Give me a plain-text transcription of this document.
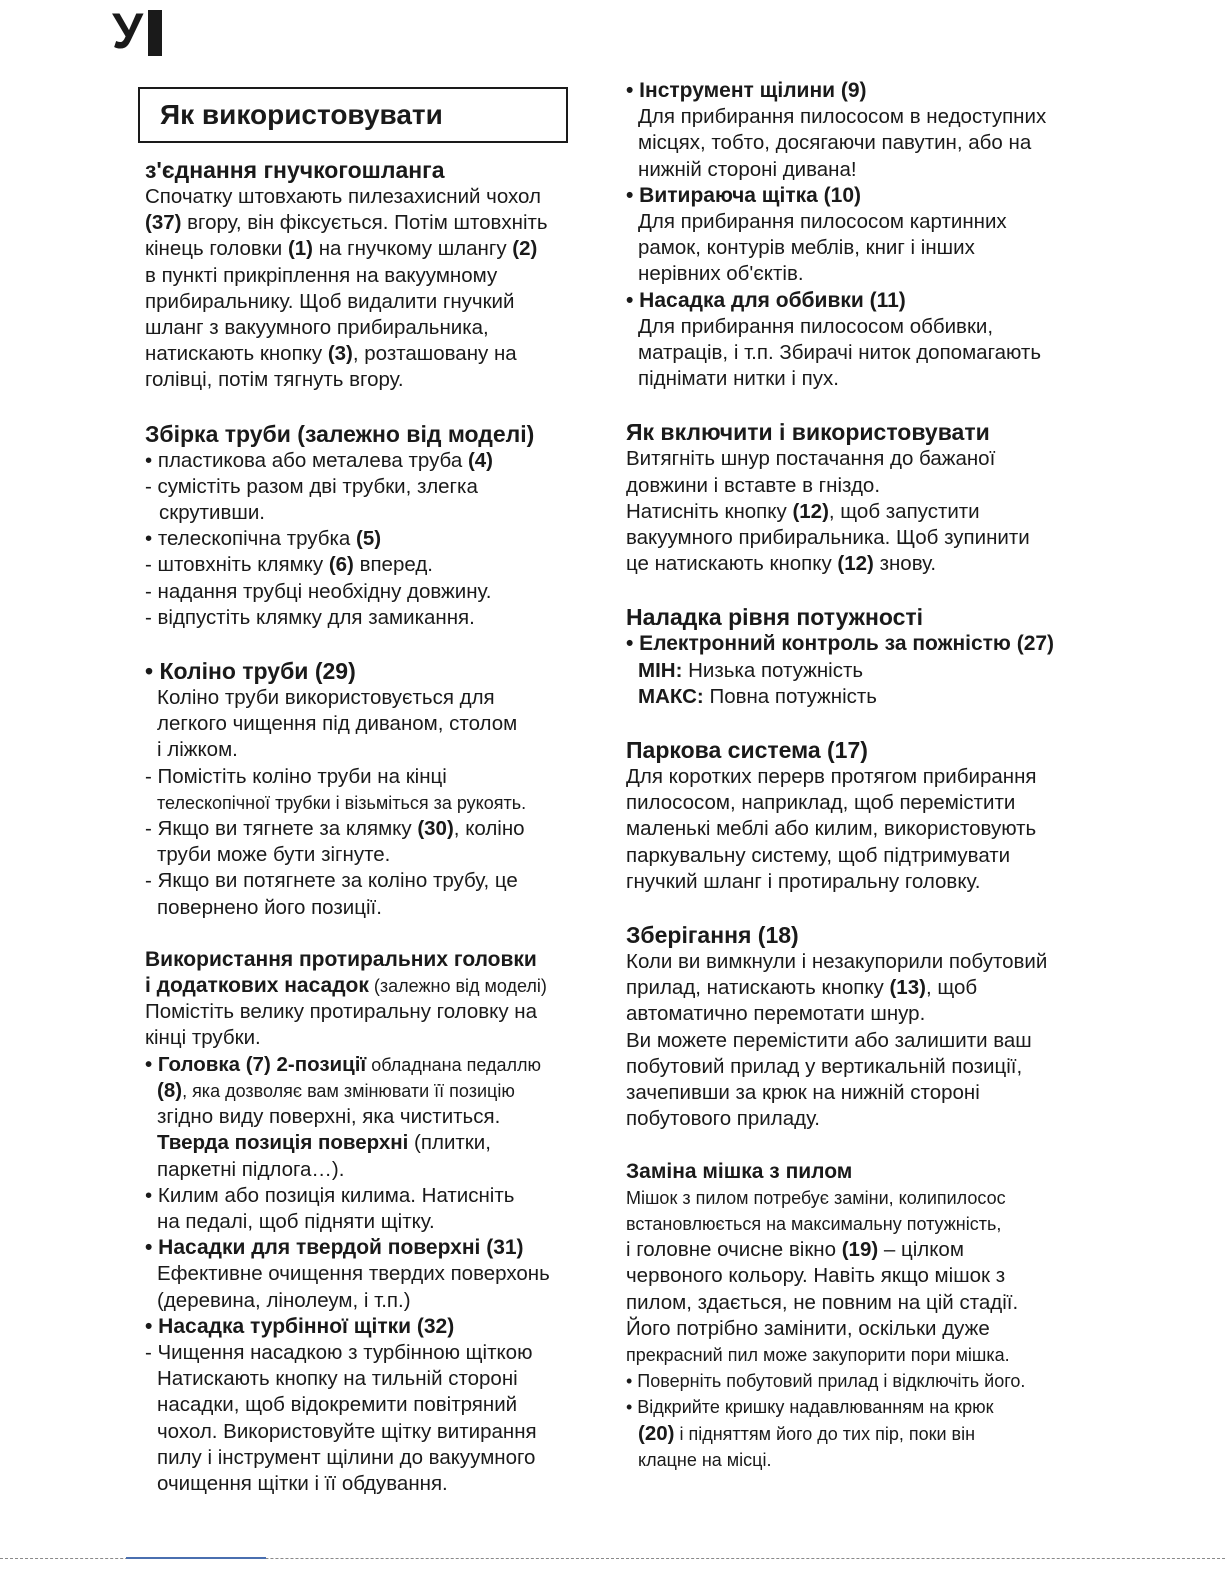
У
Як використовувати

з'єднання гнучкогошланга

Спочатку штовхають пилезахисний чохол

(37) вгору, він фіксується. Потім штовхніть

кінець головки (1) на гнучкому шлангу (2)

в пункті прикріплення на вакуумному

прибиральнику. Щоб видалити гнучкий

шланг з вакуумного прибиральника,

натискають кнопку (3), розташовану на

голівці, потім тягнуть вгору.

Збірка труби (залежно від моделі)

• пластикова або металева труба (4)

- сумістіть разом дві трубки, злегка

скрутивши.

• телескопічна трубка (5)

- штовхніть клямку (6) вперед.

- надання трубці необхідну довжину.

- відпустіть клямку для замикання.

• Коліно труби (29)

Коліно труби використовується для

легкого чищення під диваном, столом

і ліжком.

- Помістіть коліно труби на кінці

телескопічної трубки і візьміться за рукоять.

- Якщо ви тягнете за клямку (30), коліно

труби може бути зігнуте.

- Якщо ви потягнете за коліно трубу, це

повернено його позиції.

Використання протиральних головки

і додаткових насадок (залежно від моделі)

Помістіть велику протиральну головку на

кінці трубки.

• Головка (7) 2-позиції обладнана педаллю

(8), яка дозволяє вам змінювати її позицію

згідно виду поверхні, яка чиститься.

Тверда позиція поверхні (плитки,

паркетні підлога…).

• Килим або позиція килима. Натисніть

на педалі, щоб підняти щітку.

• Насадки для твердой поверхні (31)

Ефективне очищення твердих поверхонь

(деревина, лінолеум, і т.п.)

• Насадка турбінної щітки (32)

- Чищення насадкою з турбінною щіткою

Натискають кнопку на тильній стороні

насадки, щоб відокремити повітряний

чохол. Використовуйте щітку витирання

пилу і інструмент щілини до вакуумного

очищення щітки і її обдування.

• Інструмент щілини (9)

Для прибирання пилососом в недоступних

місцях, тобто, досягаючи павутин, або на

нижній стороні дивана!

• Витираюча щітка (10)

Для прибирання пилососом картинних

рамок, контурів меблів, книг і інших

нерівних об'єктів.

• Насадка для оббивки (11)

Для прибирання пилососом оббивки,

матраців, і т.п. Збирачі ниток допомагають

піднімати нитки і пух.

Як включити і використовувати

Витягніть шнур постачання до бажаної

довжини і вставте в гніздо.

Натисніть кнопку (12), щоб запустити

вакуумного прибиральника. Щоб зупинити

це натискають кнопку (12) знову.

Наладка рівня потужності

• Електронний контроль за пожністю (27)

МІН: Низька потужність

МАКС: Повна потужність

Паркова система (17)

Для коротких перерв протягом прибирання

пилососом, наприклад, щоб перемістити

маленькі меблі або килим, використовують

паркувальну систему, щоб підтримувати

гнучкий шланг і протиральну головку.

Зберігання (18)

Коли ви вимкнули і незакупорили побутовий

прилад, натискають кнопку (13), щоб

автоматично перемотати шнур.

Ви можете перемістити або залишити ваш

побутовий прилад у вертикальній позиції,

зачепивши за крюк на нижній стороні

побутового приладу.

Заміна мішка з пилом

Мішок з пилом потребує заміни, колипилосос

встановлюється на максимальну потужність,

і головне очисне вікно (19) – цілком

червоного кольору. Навіть якщо мішок з

пилом, здається, не повним на цій стадії.

Його потрібно замінити, оскільки дуже

прекрасний пил може закупорити пори мішка.

• Поверніть побутовий прилад і відключіть його.

• Відкрийте кришку надавлюванням на крюк

(20) і підняттям його до тих пір, поки він

клацне на місці.
